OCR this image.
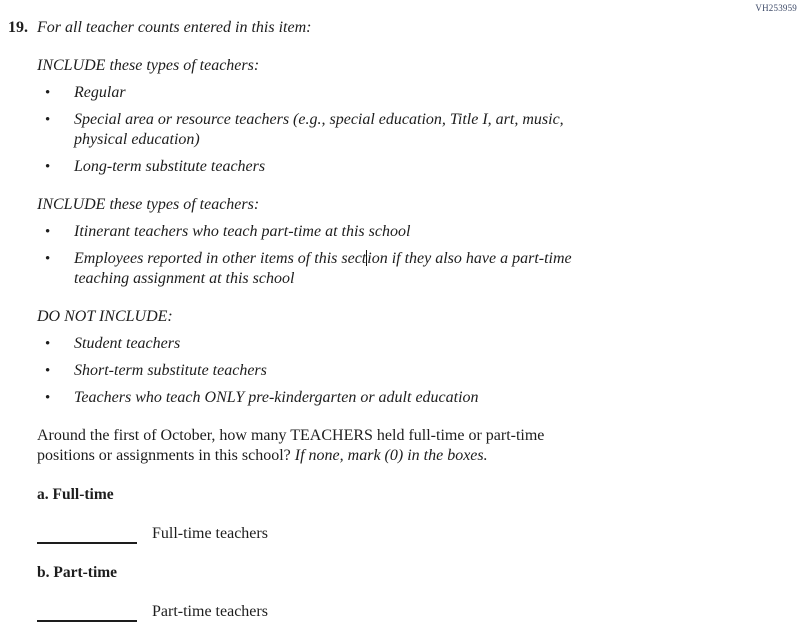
VH253959
19. For all teacher counts entered in this item:

INCLUDE these types of teachers:

•	Regular
•	Special area or resource teachers (e.g., special education, Title I, art, music,
physical education)
•	Long-term substitute teachers

INCLUDE these types of teachers:

•	Itinerant teachers who teach part-time at this school
•	Employees reported in other items of this section if they also have a part-time
teaching assignment at this school

DO NOT INCLUDE:

•	Student teachers
•	Short-term substitute teachers
•	Teachers who teach ONLY pre-kindergarten or adult education

Around the first of October, how many TEACHERS held full-time or part-time
positions or assignments in this school? If none, mark (0) in the boxes.

a. Full-time
Full-time teachers
b. Part-time
Part-time teachers
